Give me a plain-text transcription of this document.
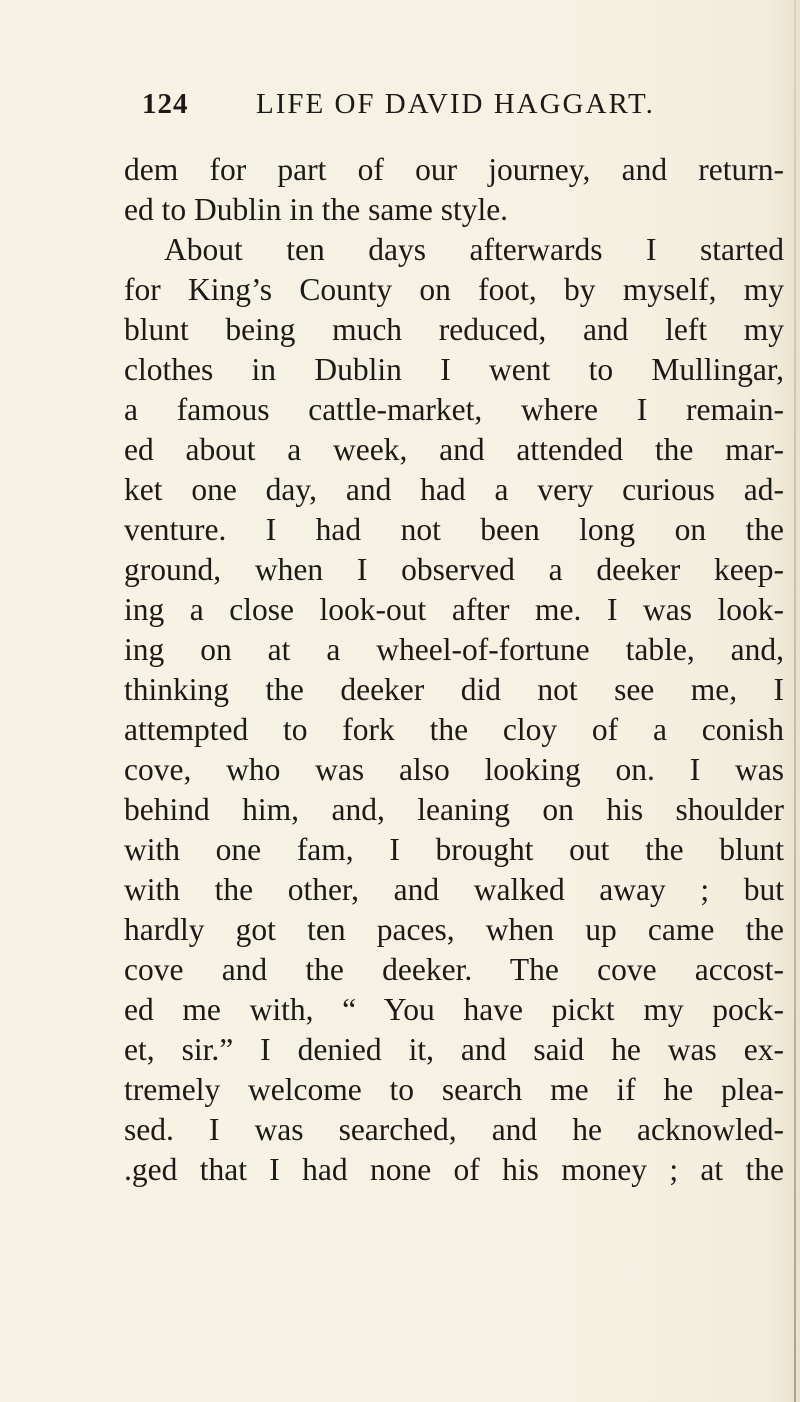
124 LIFE OF DAVID HAGGART.
dem for part of our journey, and return-
ed to Dublin in the same style.
About ten days afterwards I started
for King’s County on foot, by myself, my
blunt being much reduced, and left my
clothes in Dublin I went to Mullingar,
a famous cattle-market, where I remain-
ed about a week, and attended the mar-
ket one day, and had a very curious ad-
venture. I had not been long on the
ground, when I observed a deeker keep-
ing a close look-out after me. I was look-
ing on at a wheel-of-fortune table, and,
thinking the deeker did not see me, I
attempted to fork the cloy of a conish
cove, who was also looking on. I was
behind him, and, leaning on his shoulder
with one fam, I brought out the blunt
with the other, and walked away ; but
hardly got ten paces, when up came the
cove and the deeker. The cove accost-
ed me with, “ You have pickt my pock-
et, sir.” I denied it, and said he was ex-
tremely welcome to search me if he plea-
sed. I was searched, and he acknowled-
.ged that I had none of his money ; at the
